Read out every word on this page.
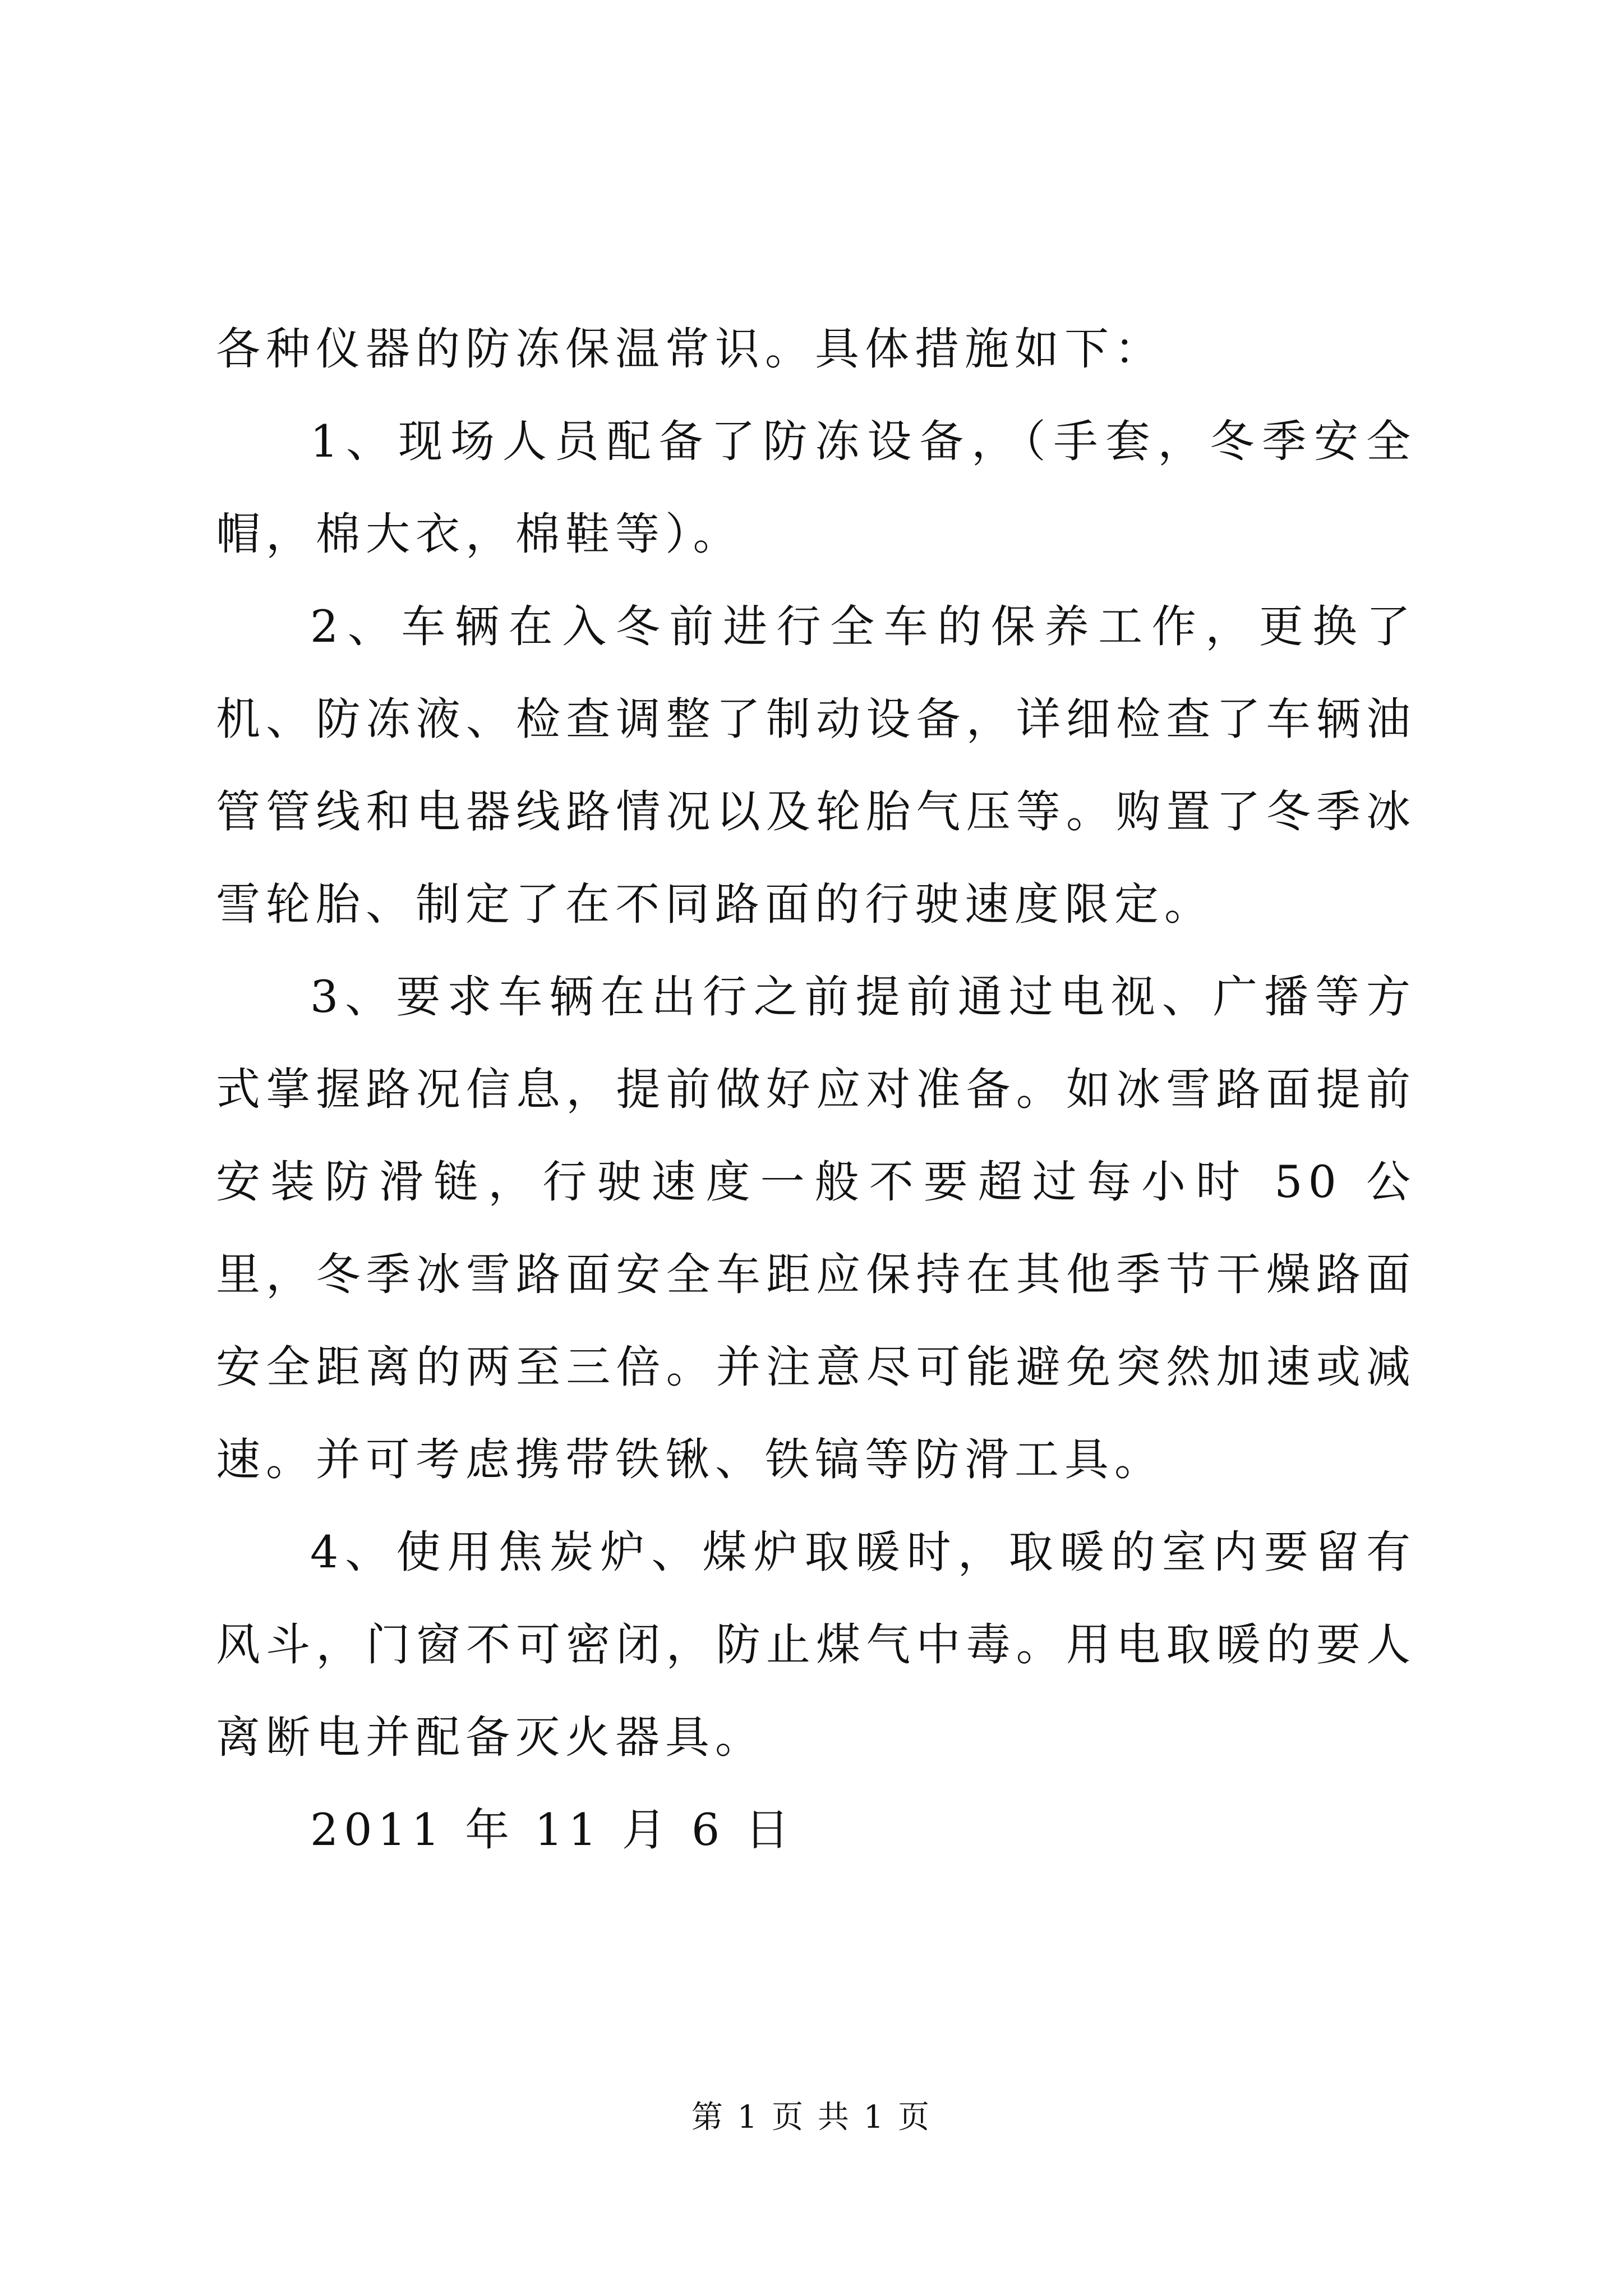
各种仪器的防冻保温常识。具体措施如下：

1、现场人员配备了防冻设备，（手套，冬季安全帽，棉大衣，棉鞋等）。

2、车辆在入冬前进行全车的保养工作，更换了机、防冻液、检查调整了制动设备，详细检查了车辆油管管线和电器线路情况以及轮胎气压等。购置了冬季冰雪轮胎、制定了在不同路面的行驶速度限定。

3、要求车辆在出行之前提前通过电视、广播等方式掌握路况信息，提前做好应对准备。如冰雪路面提前安装防滑链，行驶速度一般不要超过每小时 50 公里，冬季冰雪路面安全车距应保持在其他季节干燥路面安全距离的两至三倍。并注意尽可能避免突然加速或减速。并可考虑携带铁锹、铁镐等防滑工具。

4、使用焦炭炉、煤炉取暖时，取暖的室内要留有风斗，门窗不可密闭，防止煤气中毒。用电取暖的要人离断电并配备灭火器具。

2011 年 11 月 6 日

第 1 页 共 1 页
